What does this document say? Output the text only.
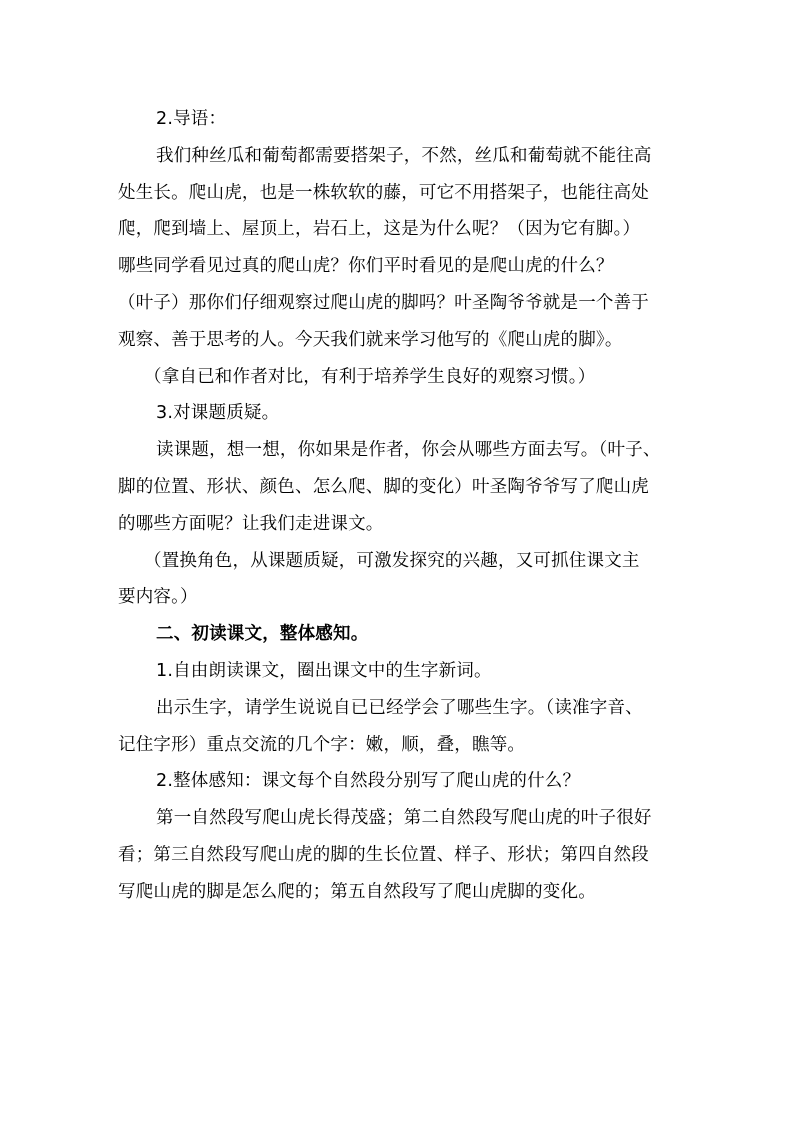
2.导语：
我们种丝瓜和葡萄都需要搭架子，不然，丝瓜和葡萄就不能往高
处生长。爬山虎，也是一株软软的藤，可它不用搭架子，也能往高处
爬，爬到墙上、屋顶上，岩石上，这是为什么呢？（因为它有脚。）
哪些同学看见过真的爬山虎？你们平时看见的是爬山虎的什么？
（叶子）那你们仔细观察过爬山虎的脚吗？叶圣陶爷爷就是一个善于
观察、善于思考的人。今天我们就来学习他写的《爬山虎的脚》。
（拿自已和作者对比，有利于培养学生良好的观察习惯。）
3.对课题质疑。
读课题，想一想，你如果是作者，你会从哪些方面去写。（叶子、
脚的位置、形状、颜色、怎么爬、脚的变化）叶圣陶爷爷写了爬山虎
的哪些方面呢？让我们走进课文。
（置换角色，从课题质疑，可激发探究的兴趣，又可抓住课文主
要内容。）
二、初读课文，整体感知。
1.自由朗读课文，圈出课文中的生字新词。
出示生字，请学生说说自已已经学会了哪些生字。（读准字音、
记住字形）重点交流的几个字：嫩，顺，叠，瞧等。
2.整体感知：课文每个自然段分别写了爬山虎的什么？
第一自然段写爬山虎长得茂盛；第二自然段写爬山虎的叶子很好
看；第三自然段写爬山虎的脚的生长位置、样子、形状；第四自然段
写爬山虎的脚是怎么爬的；第五自然段写了爬山虎脚的变化。
